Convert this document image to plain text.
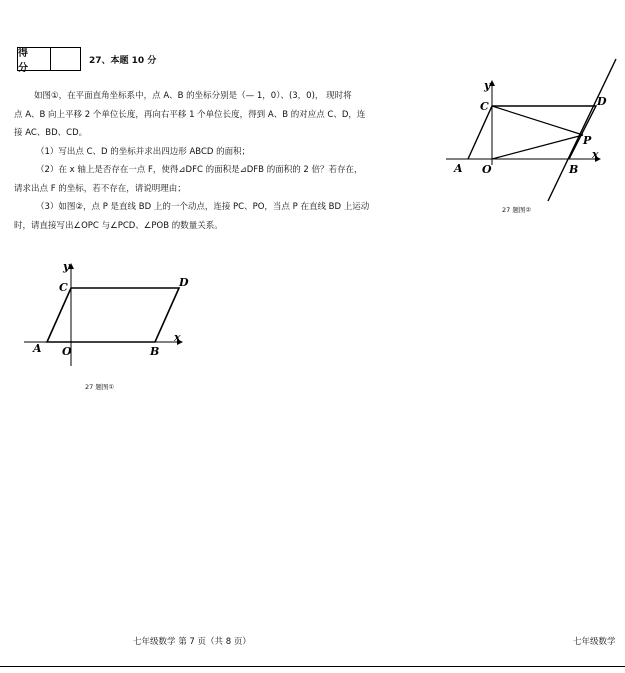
得 分
27、本题 10 分

如图①，在平面直角坐标系中，点 A、B 的坐标分别是（— 1，0）、(3，0)， 现时将

点 A、B 向上平移 2 个单位长度，再向右平移 1 个单位长度，得到 A、B 的对应点 C、D，连

接 AC、BD、CD。

（1）写出点 C、D 的坐标并求出四边形 ABCD 的面积；

（2）在 x 轴上是否存在一点 F，使得⊿DFC 的面积是⊿DFB 的面积的 2 倍？若存在，

请求出点 F 的坐标，若不存在，请说明理由；

（3）如图②，点 P 是直线 BD 上的一个动点，连接 PC、PO，当点 P 在直线 BD 上运动

时，请直接写出∠OPC 与∠PCD、∠POB 的数量关系。

y
x
A O	B
C	D
27 题图①
y
x
A O	B
C	D
P
27 题图②
七年级数学 第 7 页（共 8 页）	七年级数学
